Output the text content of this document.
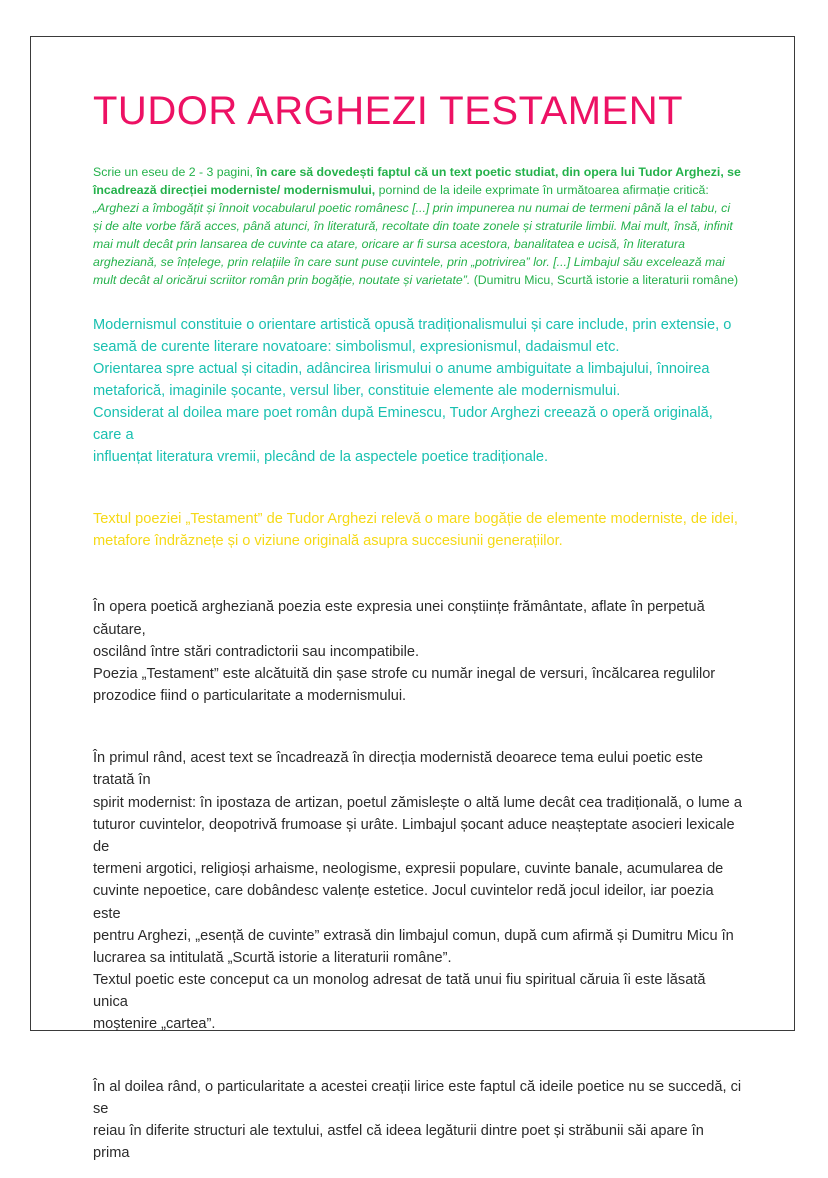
TUDOR ARGHEZI TESTAMENT

Scrie un eseu de 2 - 3 pagini, în care să dovedești faptul că un text poetic studiat, din opera lui Tudor Arghezi, se încadrează direcției moderniste/ modernismului, pornind de la ideile exprimate în următoarea afirmație critică: „Arghezi a îmbogățit și înnoit vocabularul poetic românesc [...] prin impunerea nu numai de termeni până la el tabu, ci și de alte vorbe fără acces, până atunci, în literatură, recoltate din toate zonele și straturile limbii. Mai mult, însă, infinit mai mult decât prin lansarea de cuvinte ca atare, oricare ar fi sursa acestora, banalitatea e ucisă, în literatura argheziană, se înțelege, prin relațiile în care sunt puse cuvintele, prin „potrivirea” lor. [...] Limbajul său excelează mai mult decât al oricărui scriitor român prin bogăție, noutate și varietate”. (Dumitru Micu, Scurtă istorie a literaturii române)

Modernismul constituie o orientare artistică opusă tradiționalismului și care include, prin extensie, o
seamă de curente literare novatoare: simbolismul, expresionismul, dadaismul etc.
Orientarea spre actual și citadin, adâncirea lirismului o anume ambiguitate a limbajului, înnoirea
metaforică, imaginile șocante, versul liber, constituie elemente ale modernismului.
Considerat al doilea mare poet român după Eminescu, Tudor Arghezi creează o operă originală, care a
influențat literatura vremii, plecând de la aspectele poetice tradiționale.

Textul poeziei „Testament” de Tudor Arghezi relevă o mare bogăție de elemente moderniste, de idei,
metafore îndrăznețe și o viziune originală asupra succesiunii generațiilor.

În opera poetică argheziană poezia este expresia unei conștiințe frământate, aflate în perpetuă căutare,
oscilând între stări contradictorii sau incompatibile.
Poezia „Testament” este alcătuită din șase strofe cu număr inegal de versuri, încălcarea regulilor
prozodice fiind o particularitate a modernismului.

În primul rând, acest text se încadrează în direcția modernistă deoarece tema eului poetic este tratată în
spirit modernist: în ipostaza de artizan, poetul zămislește o altă lume decât cea tradițională, o lume a
tuturor cuvintelor, deopotrivă frumoase și urâte. Limbajul șocant aduce neașteptate asocieri lexicale de
termeni argotici, religioși arhaisme, neologisme, expresii populare, cuvinte banale, acumularea de
cuvinte nepoetice, care dobândesc valențe estetice. Jocul cuvintelor redă jocul ideilor, iar poezia este
pentru Arghezi, „esență de cuvinte” extrasă din limbajul comun, după cum afirmă și Dumitru Micu în
lucrarea sa intitulată „Scurtă istorie a literaturii române”.
Textul poetic este conceput ca un monolog adresat de tată unui fiu spiritual căruia îi este lăsată unica
moștenire „cartea”.

În al doilea rând, o particularitate a acestei creații lirice este faptul că ideile poetice nu se succedă, ci se
reiau în diferite structuri ale textului, astfel că ideea legăturii dintre poet și străbunii săi apare în prima
